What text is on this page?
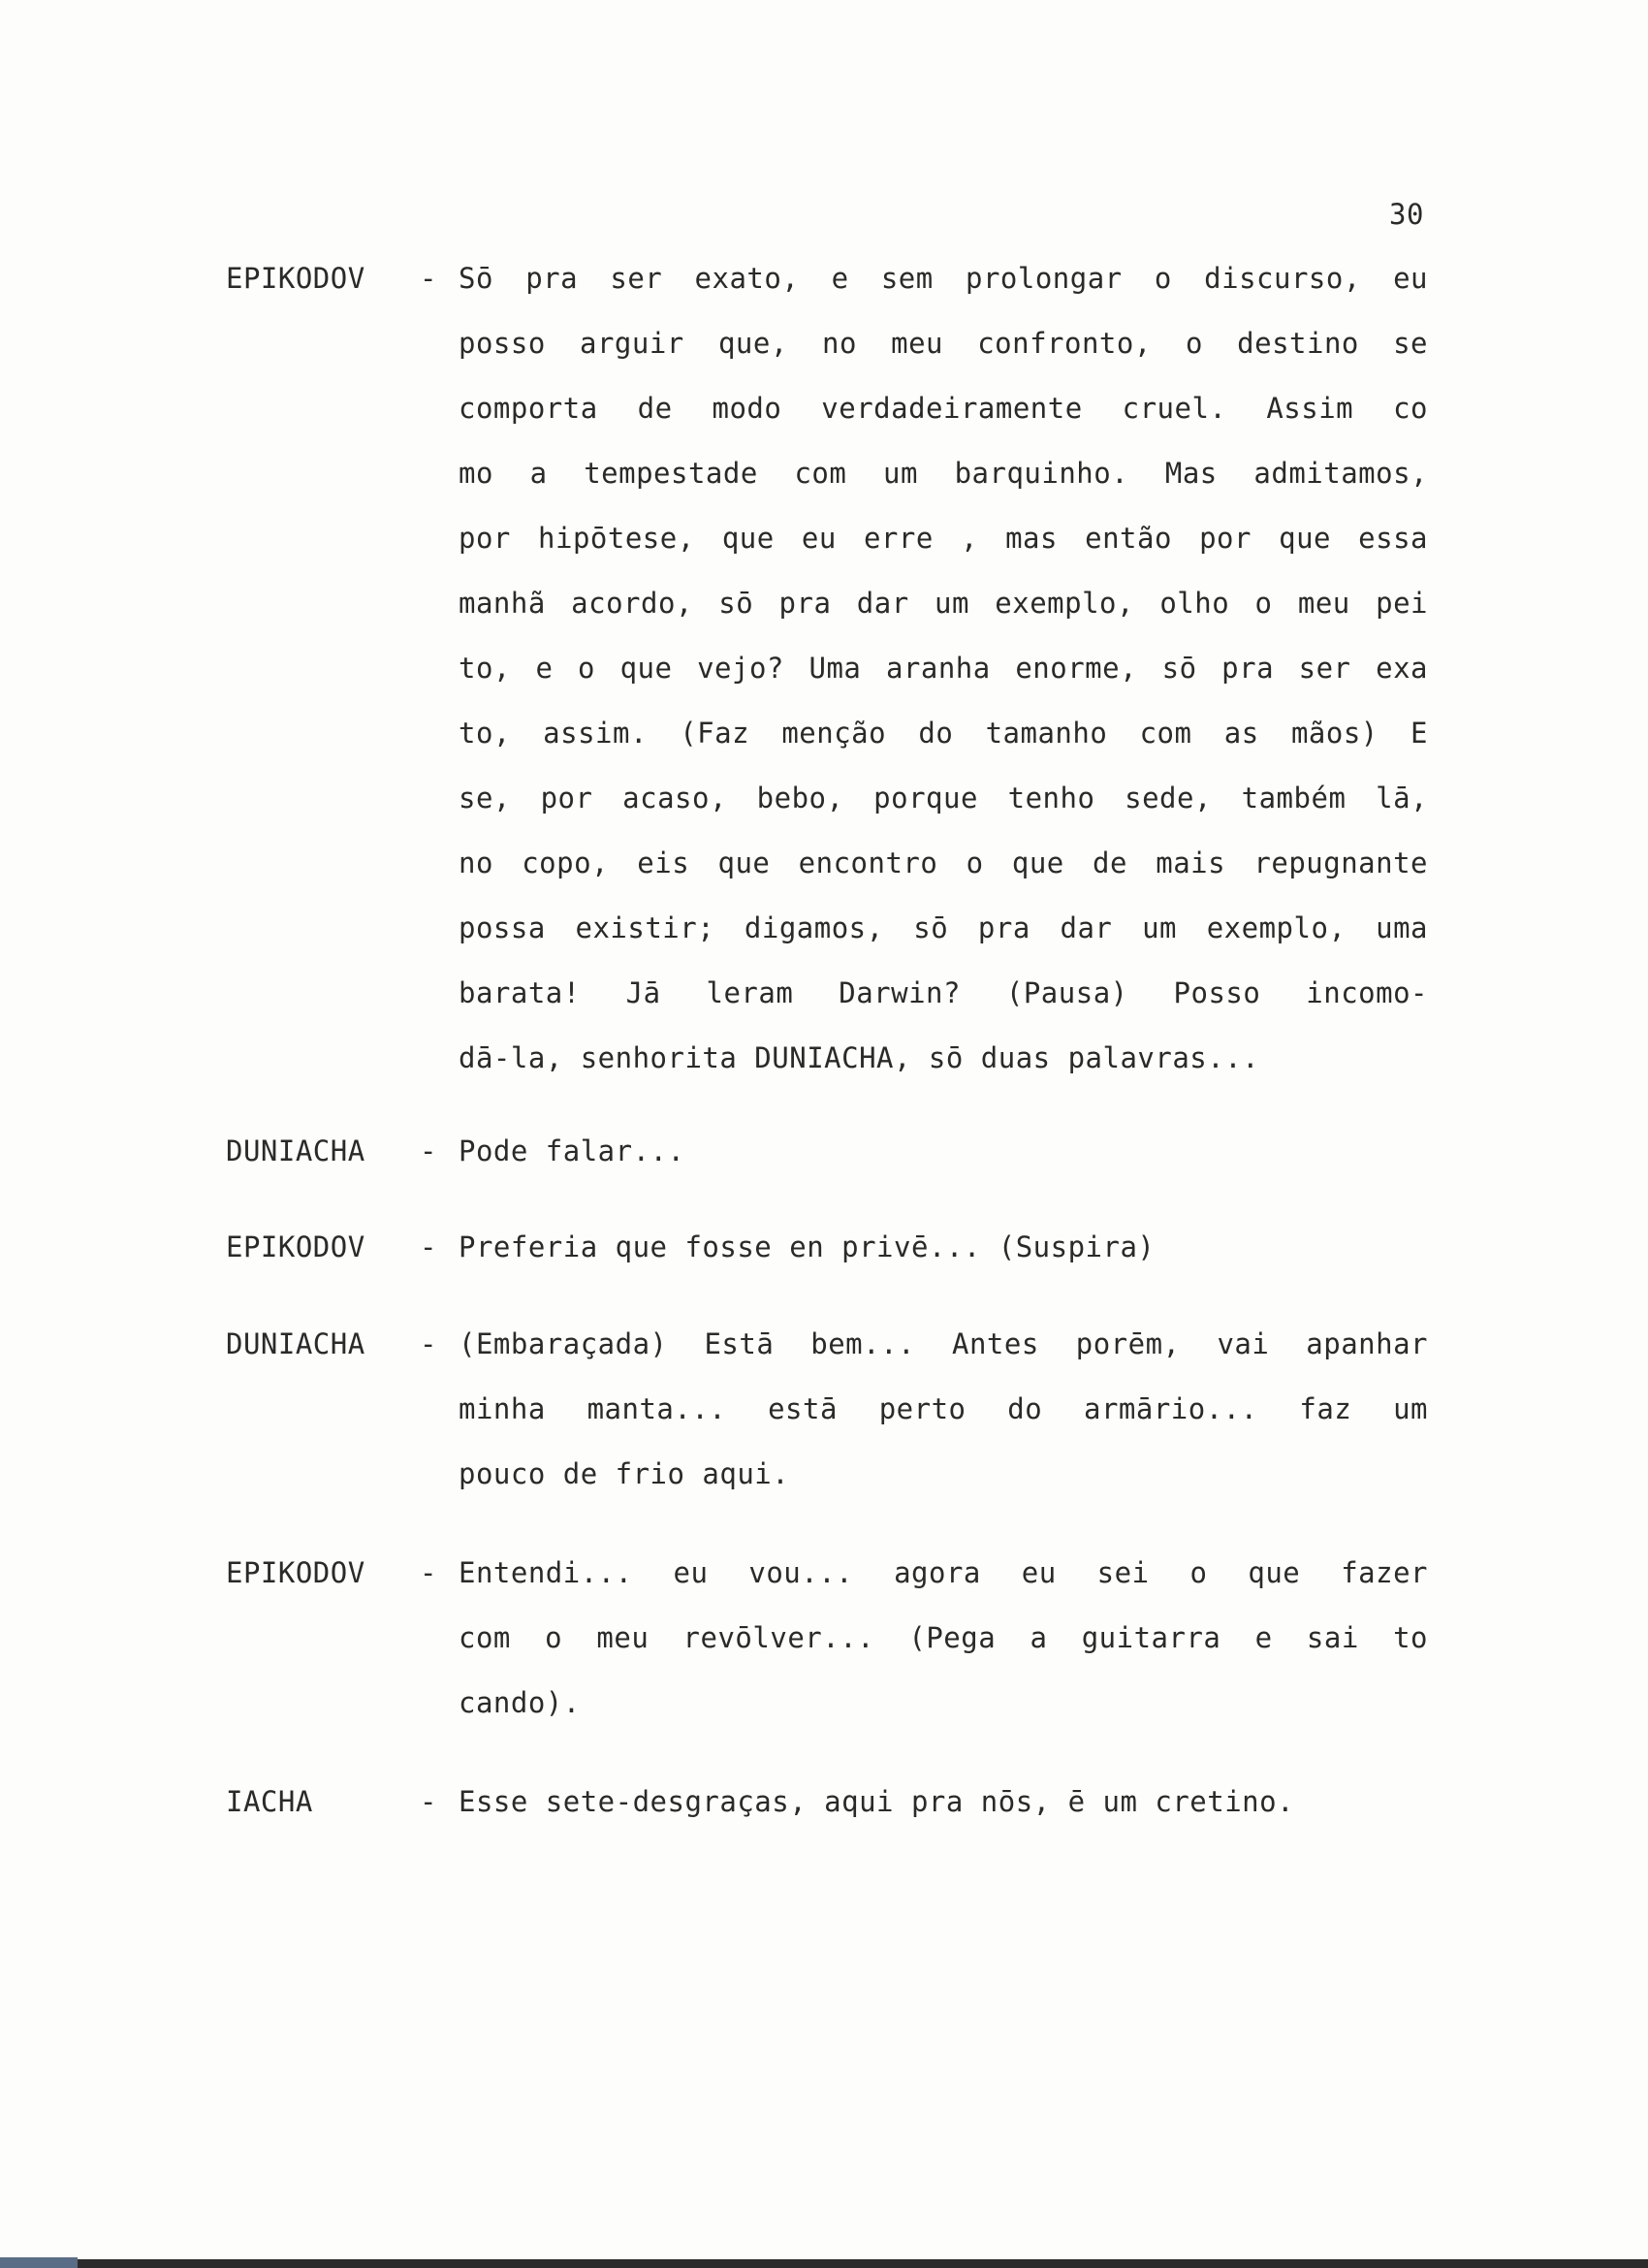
30
EPIKODOV - Sō pra ser exato, e sem prolongar o discurso, eu
posso arguir que, no meu confronto, o destino se
comporta de modo verdadeiramente cruel. Assim co
mo a tempestade com um barquinho. Mas admitamos,
por hipōtese, que eu erre , mas então por que essa
manhã acordo, sō pra dar um exemplo, olho o meu pei
to, e o que vejo? Uma aranha enorme, sō pra ser exa
to, assim. (Faz menção do tamanho com as mãos) E
se, por acaso, bebo, porque tenho sede, também lā,
no copo, eis que encontro o que de mais repugnante
possa existir; digamos, sō pra dar um exemplo, uma
barata! Jā leram Darwin? (Pausa) Posso incomo-
dā-la, senhorita DUNIACHA, sō duas palavras...
DUNIACHA - Pode falar...
EPIKODOV - Preferia que fosse en privē... (Suspira)
DUNIACHA - (Embaraçada) Estā bem... Antes porēm, vai apanhar
minha manta... estā perto do armārio... faz um
pouco de frio aqui.
EPIKODOV - Entendi... eu vou... agora eu sei o que fazer
com o meu revōlver... (Pega a guitarra e sai to
cando).
IACHA	- Esse sete-desgraças, aqui pra nōs, ē um cretino.
